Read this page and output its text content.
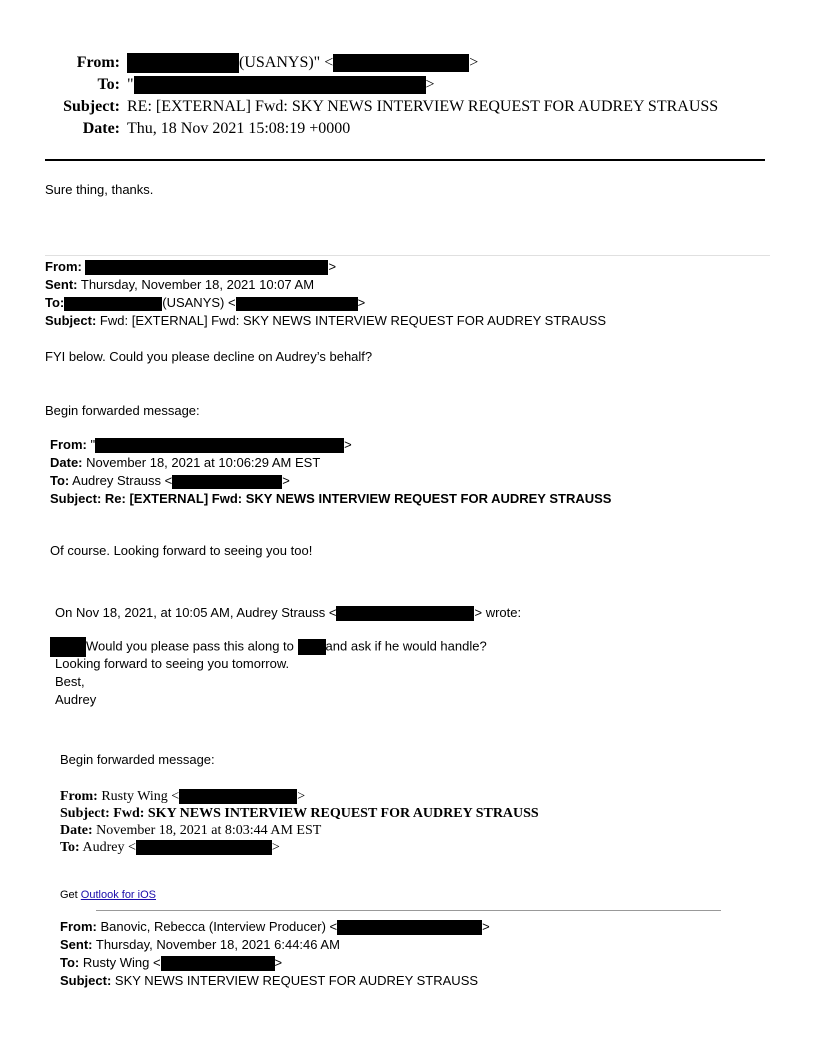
From:	(USANYS)" <	>
To: "	>
Subject: RE: [EXTERNAL] Fwd: SKY NEWS INTERVIEW REQUEST FOR AUDREY STRAUSS
Date: Thu, 18 Nov 2021 15:08:19 +0000
Sure thing, thanks.
From:	>
Sent: Thursday, November 18, 2021 10:07 AM
To:	(USANYS) <	>
Subject: Fwd: [EXTERNAL] Fwd: SKY NEWS INTERVIEW REQUEST FOR AUDREY STRAUSS
FYI below. Could you please decline on Audrey’s behalf?
Begin forwarded message:
From: "	>
Date: November 18, 2021 at 10:06:29 AM EST
To: Audrey Strauss <	>
Subject: Re: [EXTERNAL] Fwd: SKY NEWS INTERVIEW REQUEST FOR AUDREY STRAUSS
Of course. Looking forward to seeing you too!
On Nov 18, 2021, at 10:05 AM, Audrey Strauss <	> wrote:
Would you please pass this along to and ask if he would handle?
Looking forward to seeing you tomorrow.
Best,
Audrey
Begin forwarded message:
From: Rusty Wing <	>
Subject: Fwd: SKY NEWS INTERVIEW REQUEST FOR AUDREY STRAUSS
Date: November 18, 2021 at 8:03:44 AM EST
To: Audrey <	>
Get Outlook for iOS
From: Banovic, Rebecca (Interview Producer) <	>
Sent: Thursday, November 18, 2021 6:44:46 AM
To: Rusty Wing <	>
Subject: SKY NEWS INTERVIEW REQUEST FOR AUDREY STRAUSS
